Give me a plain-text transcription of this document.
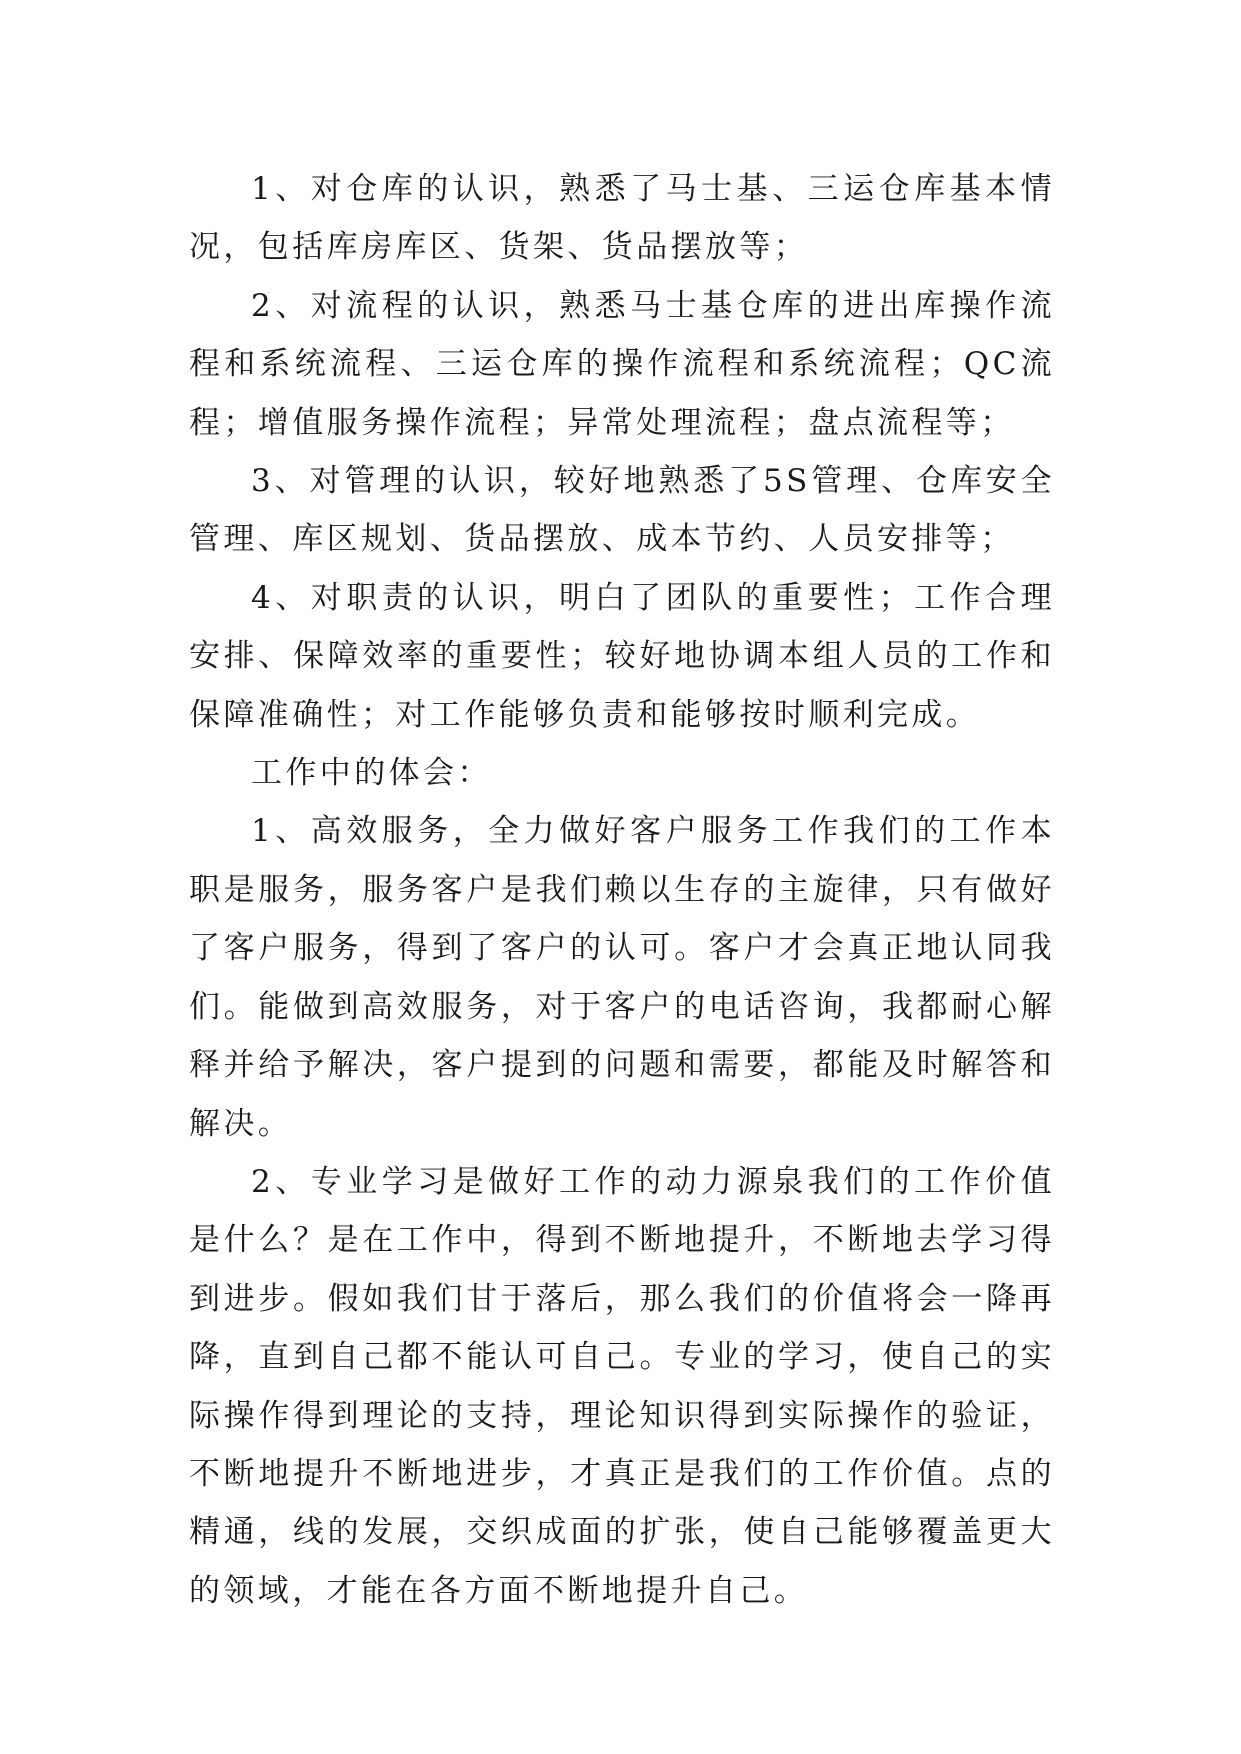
1、对仓库的认识，熟悉了马士基、三运仓库基本情况，包括库房库区、货架、货品摆放等；

2、对流程的认识，熟悉马士基仓库的进出库操作流程和系统流程、三运仓库的操作流程和系统流程；QC流程；增值服务操作流程；异常处理流程；盘点流程等；

3、对管理的认识，较好地熟悉了5S管理、仓库安全管理、库区规划、货品摆放、成本节约、人员安排等；

4、对职责的认识，明白了团队的重要性；工作合理安排、保障效率的重要性；较好地协调本组人员的工作和保障准确性；对工作能够负责和能够按时顺利完成。

工作中的体会：

1、高效服务，全力做好客户服务工作我们的工作本职是服务，服务客户是我们赖以生存的主旋律，只有做好了客户服务，得到了客户的认可。客户才会真正地认同我们。能做到高效服务，对于客户的电话咨询，我都耐心解释并给予解决，客户提到的问题和需要，都能及时解答和解决。

2、专业学习是做好工作的动力源泉我们的工作价值是什么？是在工作中，得到不断地提升，不断地去学习得到进步。假如我们甘于落后，那么我们的价值将会一降再降，直到自己都不能认可自己。专业的学习，使自己的实际操作得到理论的支持，理论知识得到实际操作的验证，不断地提升不断地进步，才真正是我们的工作价值。点的精通，线的发展，交织成面的扩张，使自己能够覆盖更大的领域，才能在各方面不断地提升自己。
